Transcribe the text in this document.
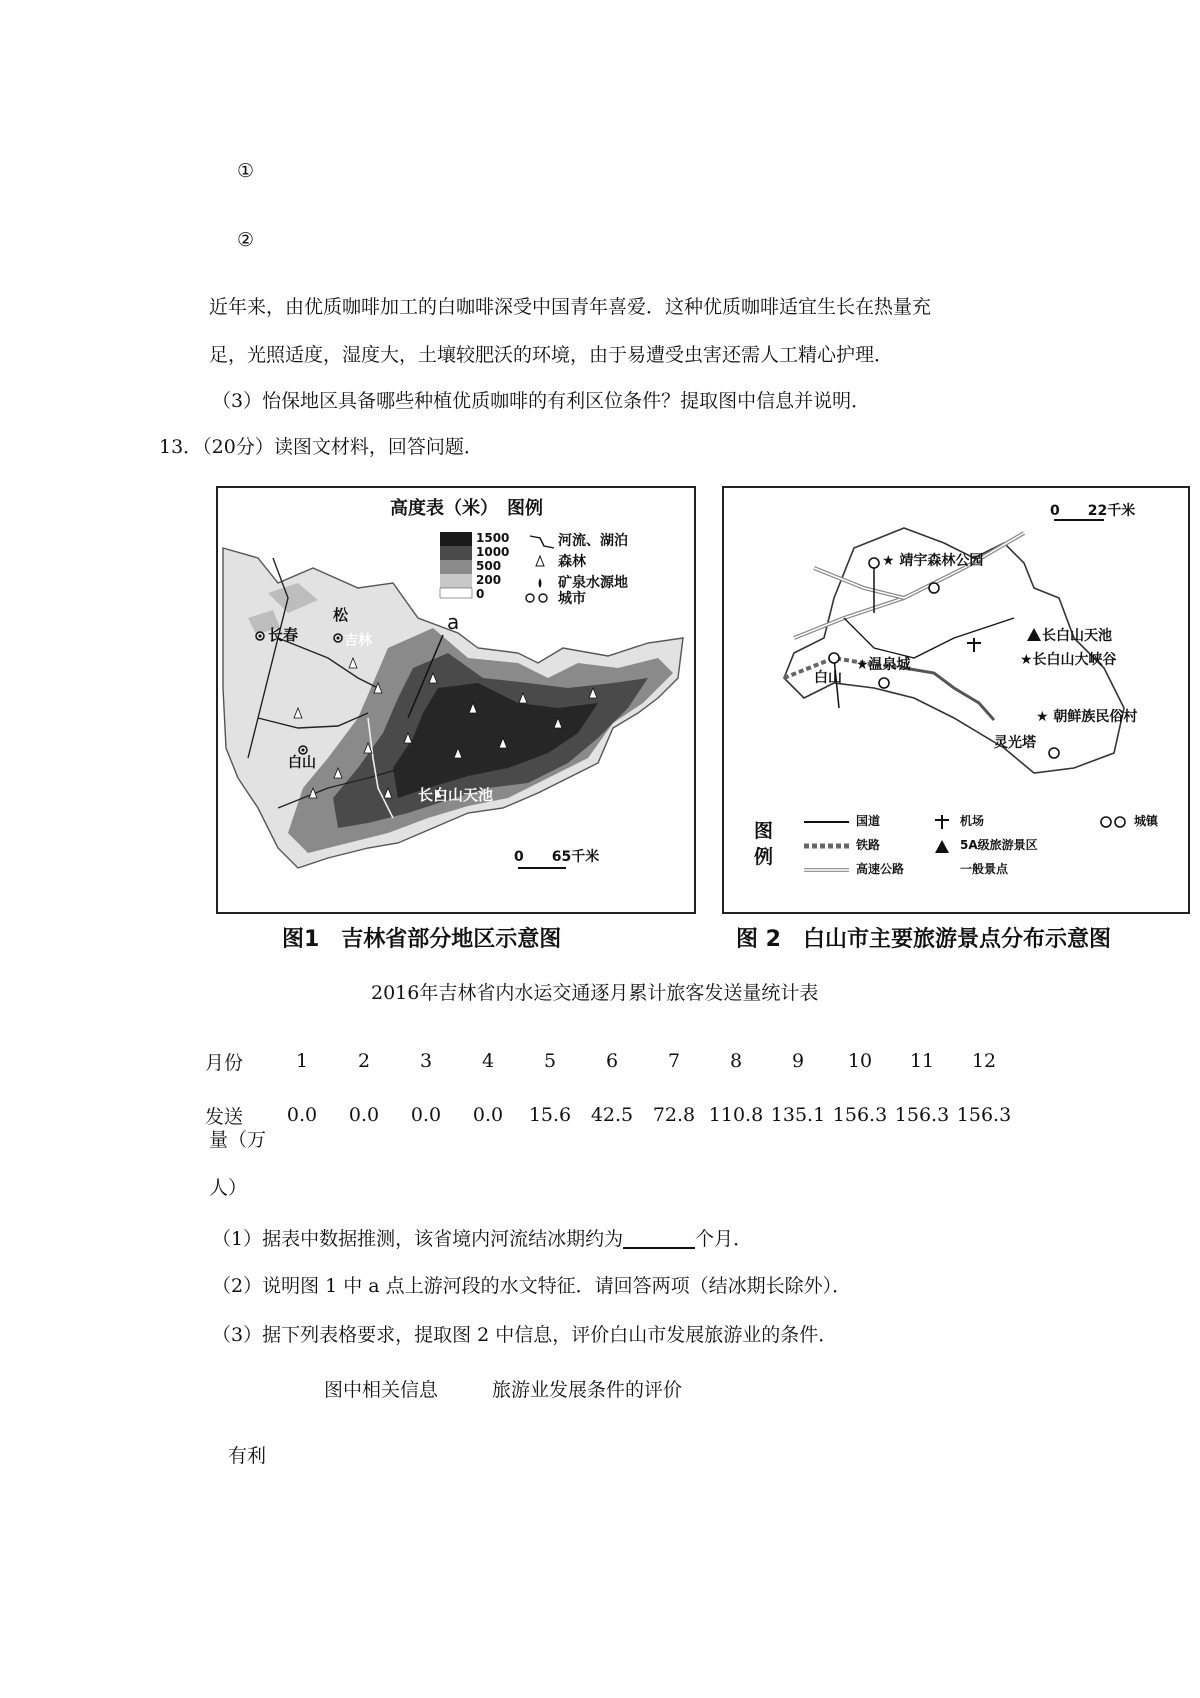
①
②
近年来，由优质咖啡加工的白咖啡深受中国青年喜爱．这种优质咖啡适宜生长在热量充
足，光照适度，湿度大，土壤较肥沃的环境，由于易遭受虫害还需人工精心护理．
（3）怡保地区具备哪些种植优质咖啡的有利区位条件？提取图中信息并说明．
13．（20分）读图文材料，回答问题．
高度表（米）　图例
1500
1000
500
200
0
河流、湖泊
森林
矿泉水源地
城市
松
长春	吉林
a
白山
长白山天池
0　　65千米
图1　吉林省部分地区示意图
0　　22千米
★ 靖宇森林公园
★温泉城
白山
长白山天池
★长白山大峡谷
★ 朝鲜族民俗村
灵光塔
图例
国道
铁路
高速公路
机场
5A级旅游景区
一般景点
城镇
图 2　白山市主要旅游景点分布示意图
2016年吉林省内水运交通逐月累计旅客发送量统计表
月份	1	2	3	4	5	6	7	8	9	10	11	12
发送	0.0	0.0	0.0	0.0	15.6	42.5	72.8	110.8	135.1	156.3	156.3	156.3
量（万
人）
（1）据表中数据推测，该省境内河流结冰期约为	个月．
（2）说明图 1 中 a 点上游河段的水文特征．请回答两项（结冰期长除外）．
（3）据下列表格要求，提取图 2 中信息，评价白山市发展旅游业的条件．
图中相关信息	旅游业发展条件的评价
有利
